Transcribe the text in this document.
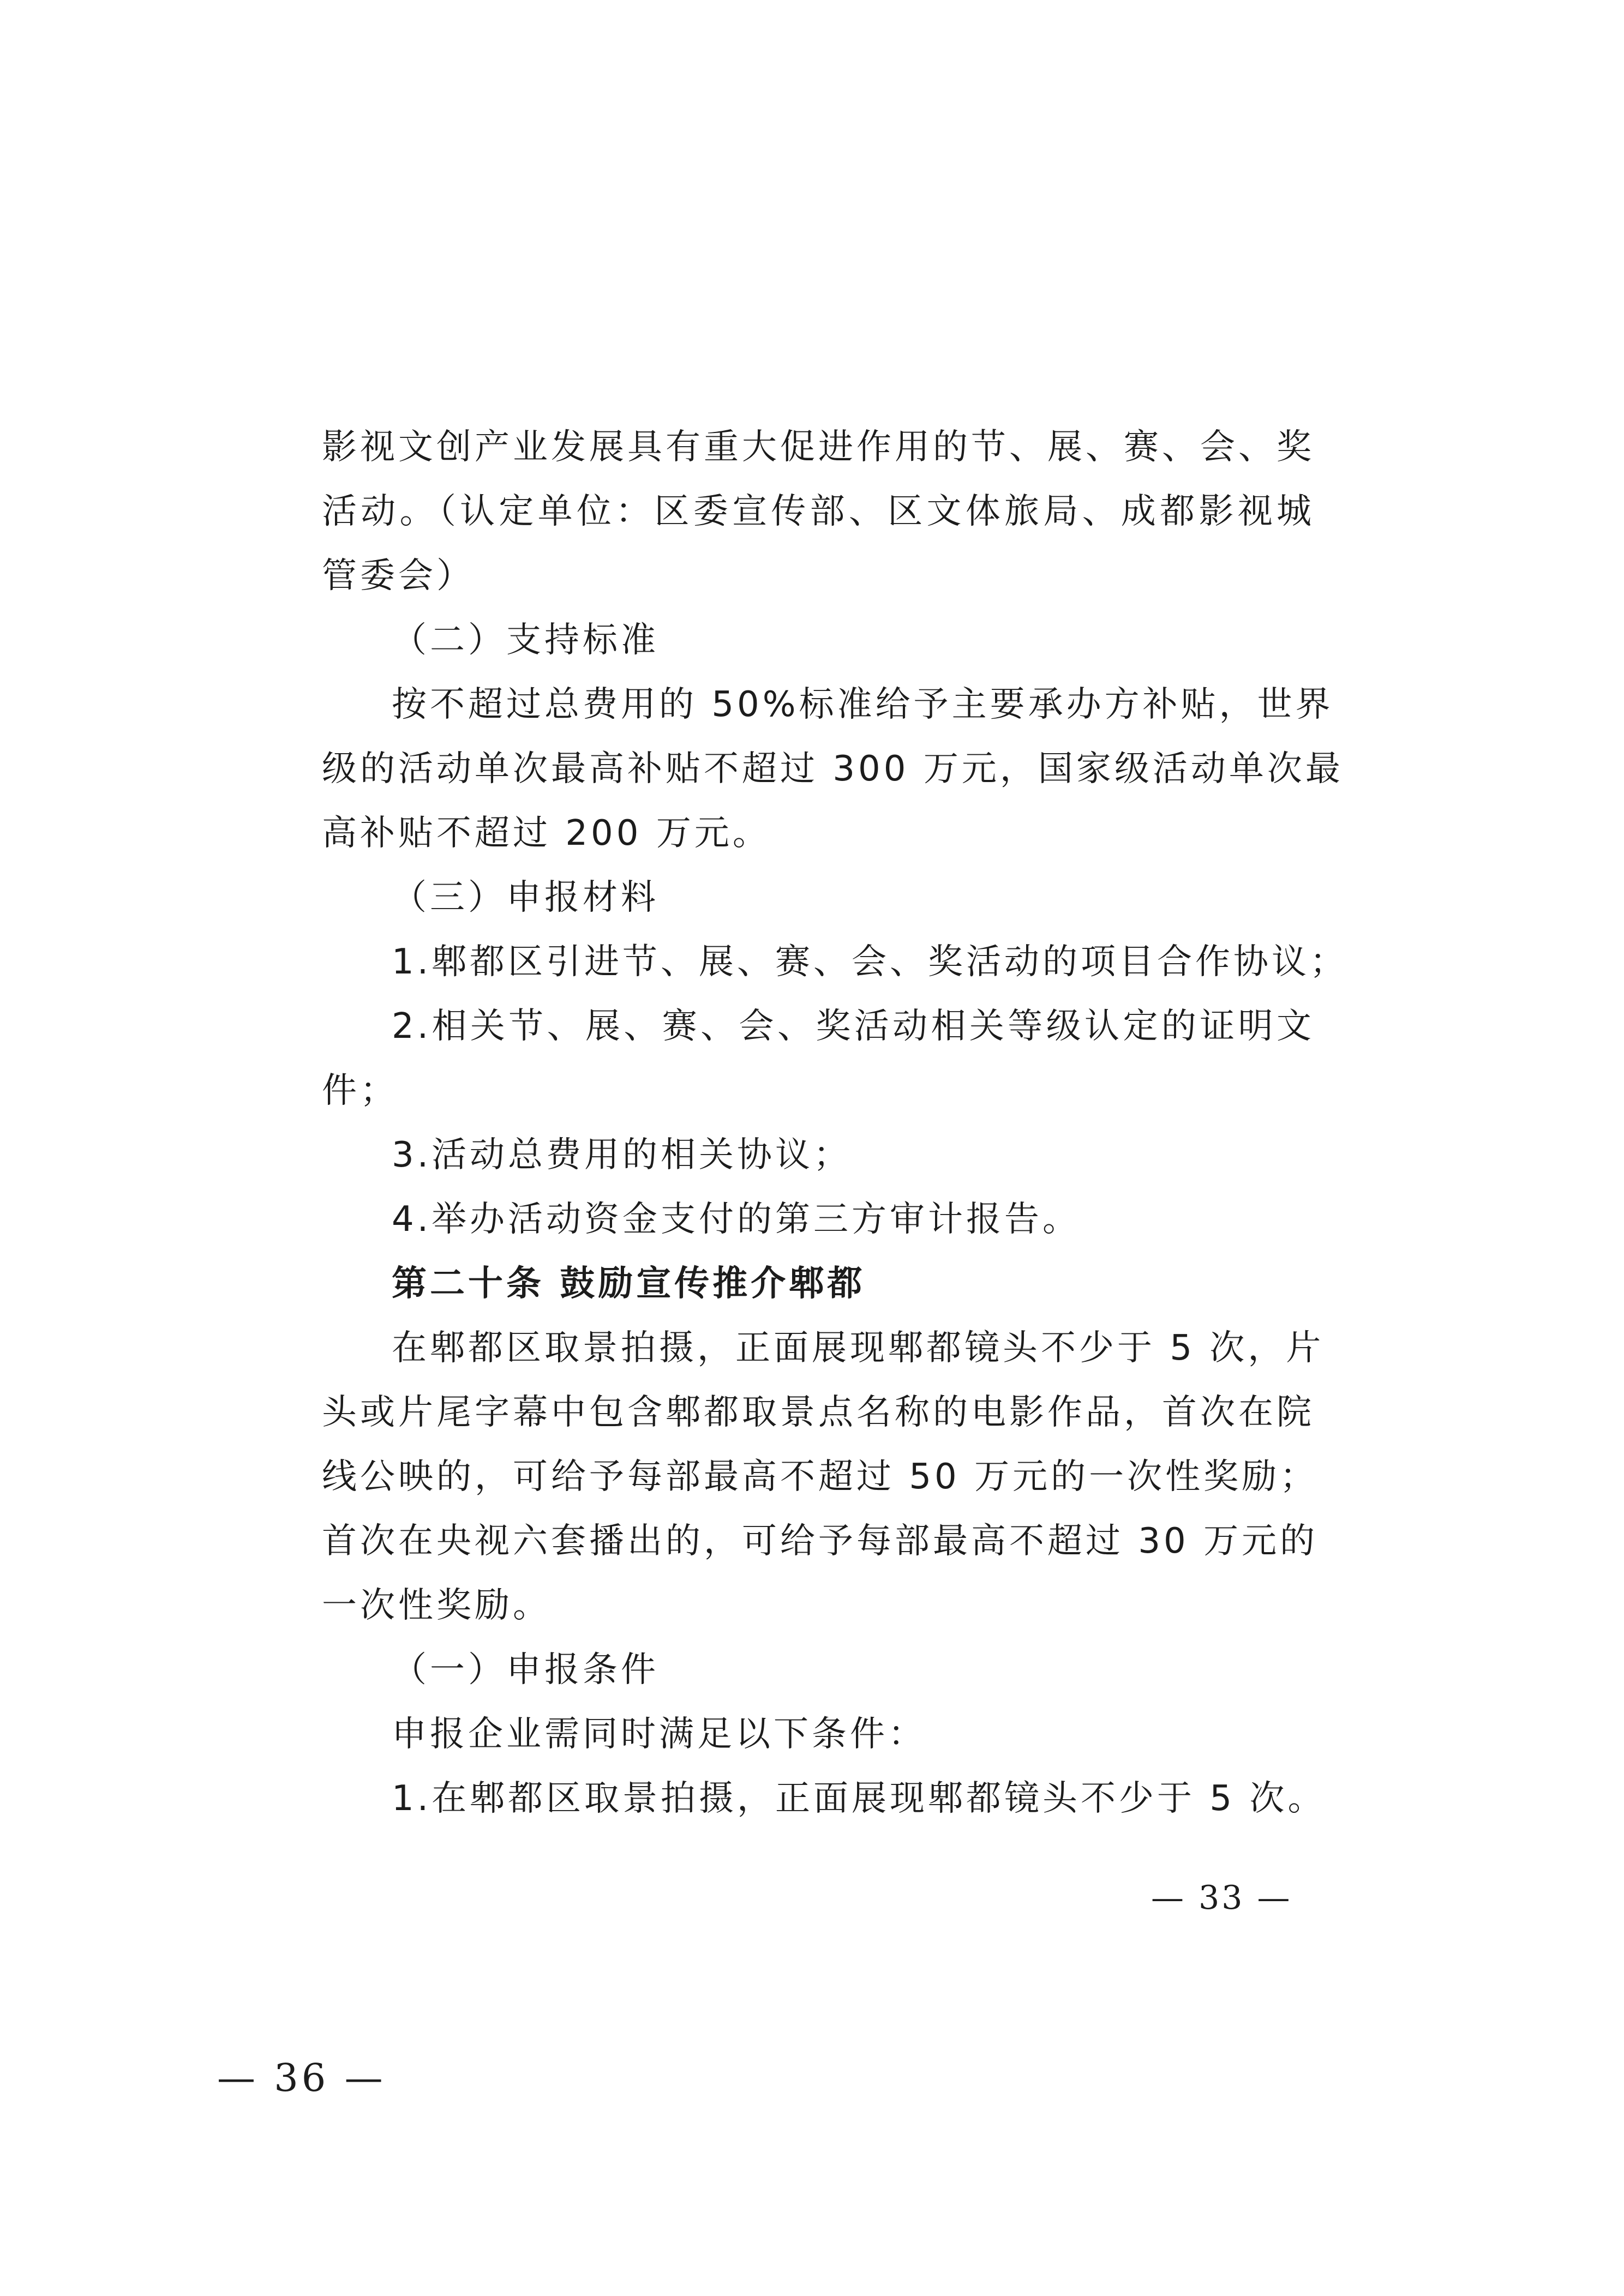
影视文创产业发展具有重大促进作用的节、展、赛、会、奖
活动。（认定单位：区委宣传部、区文体旅局、成都影视城
管委会）
（二）支持标准
按不超过总费用的 50%标准给予主要承办方补贴，世界
级的活动单次最高补贴不超过 300 万元，国家级活动单次最
高补贴不超过 200 万元。
（三）申报材料
1.郫都区引进节、展、赛、会、奖活动的项目合作协议；
2.相关节、展、赛、会、奖活动相关等级认定的证明文
件；
3.活动总费用的相关协议；
4.举办活动资金支付的第三方审计报告。
第二十条 鼓励宣传推介郫都
在郫都区取景拍摄，正面展现郫都镜头不少于 5 次，片
头或片尾字幕中包含郫都取景点名称的电影作品，首次在院
线公映的，可给予每部最高不超过 50 万元的一次性奖励；
首次在央视六套播出的，可给予每部最高不超过 30 万元的
一次性奖励。
（一）申报条件
申报企业需同时满足以下条件：
1.在郫都区取景拍摄，正面展现郫都镜头不少于 5 次。
— 33 —
— 36 —
